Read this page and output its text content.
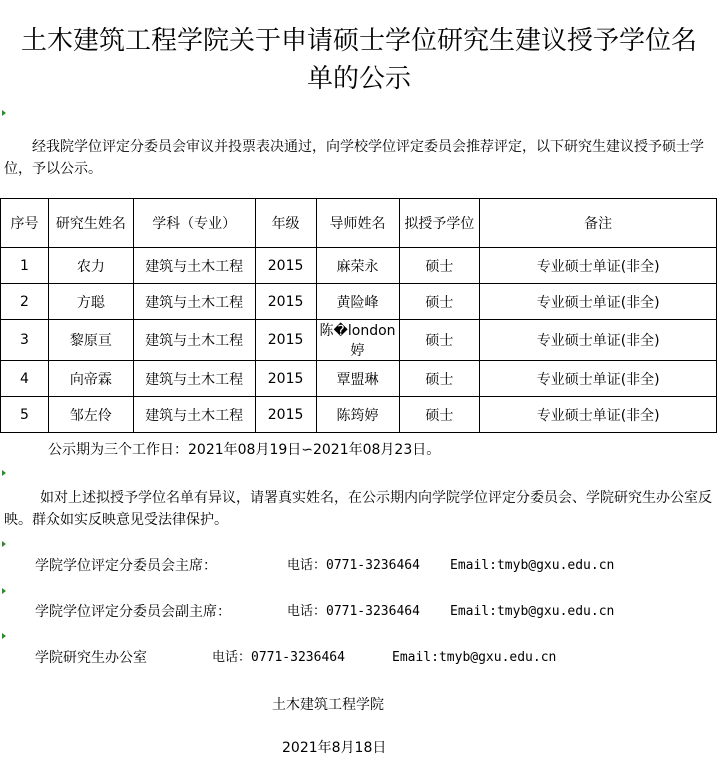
土木建筑工程学院关于申请硕士学位研究生建议授予学位名
单的公示
经我院学位评定分委员会审议并投票表决通过，向学校学位评定委员会推荐评定，以下研究生建议授予硕士学位，予以公示。
序号	研究生姓名	学科（专业）	年级	导师姓名	拟授予学位	备注
1	农力	建筑与土木工程	2015	麻荣永	硕士	专业硕士单证(非全)
2	方聪	建筑与土木工程	2015	黄险峰	硕士	专业硕士单证(非全)
3	黎原亘	建筑与土木工程	2015	陈�london婷	硕士	专业硕士单证(非全)
4	向帝霖	建筑与土木工程	2015	覃盟琳	硕士	专业硕士单证(非全)
5	邹左伶	建筑与土木工程	2015	陈筠婷	硕士	专业硕士单证(非全)
公示期为三个工作日：2021年08月19日∽2021年08月23日。
如对上述拟授予学位名单有异议，请署真实姓名，在公示期内向学院学位评定分委员会、学院研究生办公室反映。群众如实反映意见受法律保护。
学院学位评定分委员会主席：	电话：0771-3236464 Email:tmyb@gxu.edu.cn
学院学位评定分委员会副主席：	电话：0771-3236464 Email:tmyb@gxu.edu.cn
学院研究生办公室	电话：0771-3236464	Email:tmyb@gxu.edu.cn
土木建筑工程学院
2021年8月18日
